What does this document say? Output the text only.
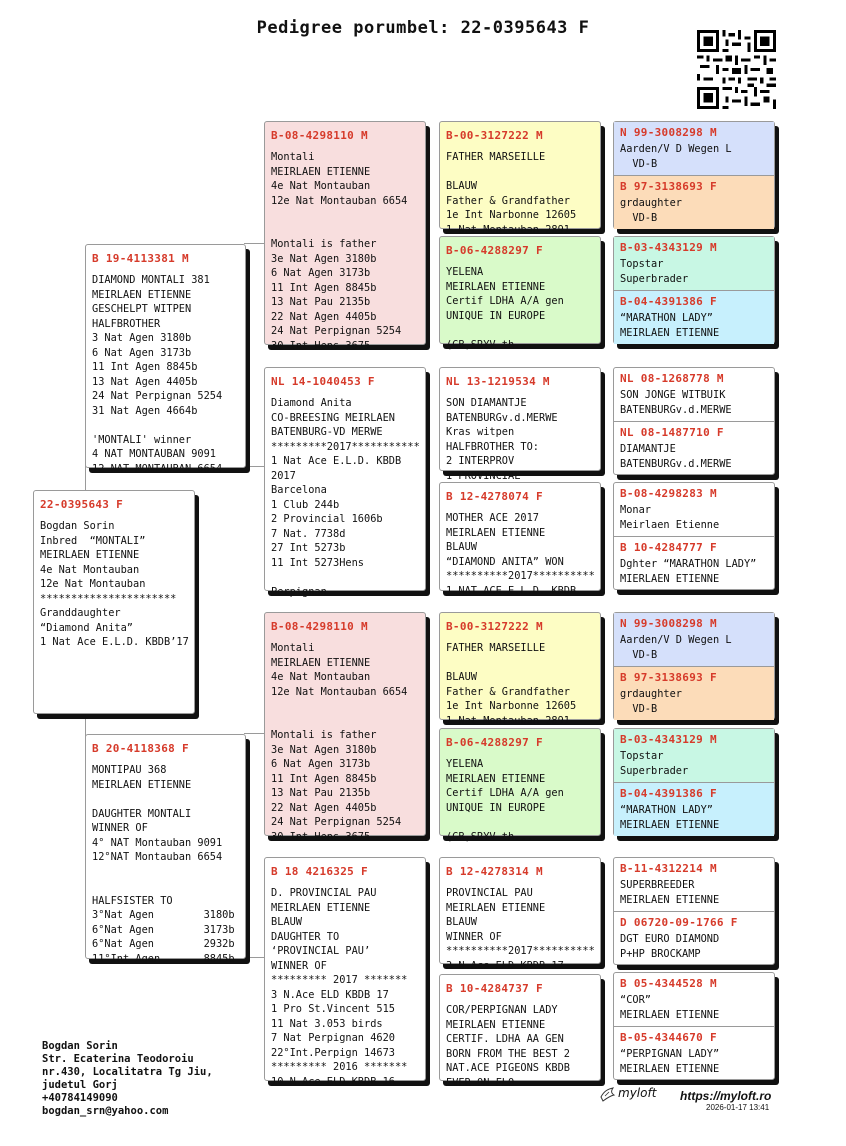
Pedigree porumbel: 22-0395643 F
22-0395643 F
Bogdan Sorin
Inbred  “MONTALI”
MEIRLAEN ETIENNE
4e Nat Montauban
12e Nat Montauban
**********************
Granddaughter
“Diamond Anita”
1 Nat Ace E.L.D. KBDB’17
B 19-4113381 M
DIAMOND MONTALI 381
MEIRLAEN ETIENNE
GESCHELPT WITPEN
HALFBROTHER
3 Nat Agen 3180b
6 Nat Agen 3173b
11 Int Agen 8845b
13 Nat Agen 4405b
24 Nat Perpignan 5254
31 Nat Agen 4664b

'MONTALI' winner
4 NAT MONTAUBAN 9091
12 NAT MONTAUBAN 6654
B 20-4118368 F
MONTIPAU 368
MEIRLAEN ETIENNE

DAUGHTER MONTALI
WINNER OF
4° NAT Montauban 9091
12°NAT Montauban 6654

HALFSISTER TO
3°Nat Agen        3180b
6°Nat Agen        3173b
6°Nat Agen        2932b
11°Int Agen       8845b
B-08-4298110 M
Montali
MEIRLAEN ETIENNE
4e Nat Montauban
12e Nat Montauban 6654

Montali is father
3e Nat Agen 3180b
6 Nat Agen 3173b
11 Int Agen 8845b
13 Nat Pau 2135b
22 Nat Agen 4405b
24 Nat Perpignan 5254
30 Int Hens 3675
NL 14-1040453 F
Diamond Anita
CO-BREESING MEIRLAEN
BATENBURG-VD MERWE
*********2017***********
1 Nat Ace E.L.D. KBDB
2017
Barcelona
1 Club 244b
2 Provincial 1606b
7 Nat. 7738d
27 Int 5273b
11 Int 5273Hens

Perpignan
B-08-4298110 M
Montali
MEIRLAEN ETIENNE
4e Nat Montauban
12e Nat Montauban 6654

Montali is father
3e Nat Agen 3180b
6 Nat Agen 3173b
11 Int Agen 8845b
13 Nat Pau 2135b
22 Nat Agen 4405b
24 Nat Perpignan 5254
30 Int Hens 3675
B 18 4216325 F
D. PROVINCIAL PAU
MEIRLAEN ETIENNE
BLAUW
DAUGHTER TO
‘PROVINCIAL PAU’
WINNER OF
********* 2017 *******
3 N.Ace ELD KBDB 17
1 Pro St.Vincent 515
11 Nat 3.053 birds
7 Nat Perpignan 4620
22°Int.Perpign 14673
********* 2016 *******
10 N.Ace ELD KBDB 16
B-00-3127222 M
FATHER MARSEILLE

BLAUW
Father & Grandfather
1e Int Narbonne 12605
1 Nat Montauban 2891
B-06-4288297 F
YELENA
MEIRLAEN ETIENNE
Certif LDHA A/A gen
UNIQUE IN EUROPE

(GB,SRYV th...
NL 13-1219534 M
SON DIAMANTJE
BATENBURGv.d.MERWE
Kras witpen
HALFBROTHER TO:
2 INTERPROV
1 PROVINCIAL
B 12-4278074 F
MOTHER ACE 2017
MEIRLAEN ETIENNE
BLAUW
“DIAMOND ANITA” WON
**********2017**********
1 NAT ACE E.L.D. KBDB
B-00-3127222 M
FATHER MARSEILLE

BLAUW
Father & Grandfather
1e Int Narbonne 12605
1 Nat Montauban 2891
B-06-4288297 F
YELENA
MEIRLAEN ETIENNE
Certif LDHA A/A gen
UNIQUE IN EUROPE

(GB,SRYV th...
B 12-4278314 M
PROVINCIAL PAU
MEIRLAEN ETIENNE
BLAUW
WINNER OF
**********2017**********
3 N.Ace ELD KBDB 17
B 10-4284737 F
COR/PERPIGNAN LADY
MEIRLAEN ETIENNE
CERTIF. LDHA AA GEN
BORN FROM THE BEST 2
NAT.ACE PIGEONS KBDB
EVER ON FLO
N 99-3008298 M
Aarden/V D Wegen L
VD-B
B 97-3138693 F
grdaughter
VD-B
B-03-4343129 M
Topstar
Superbrader
B-04-4391386 F
“MARATHON LADY”
MEIRLAEN ETIENNE
NL 08-1268778 M
SON JONGE WITBUIK
BATENBURGv.d.MERWE
NL 08-1487710 F
DIAMANTJE
BATENBURGv.d.MERWE
B-08-4298283 M
Monar
Meirlaen Etienne
B 10-4284777 F
Dghter “MARATHON LADY”
MIERLAEN ETIENNE
N 99-3008298 M
Aarden/V D Wegen L
VD-B
B 97-3138693 F
grdaughter
VD-B
B-03-4343129 M
Topstar
Superbrader
B-04-4391386 F
“MARATHON LADY”
MEIRLAEN ETIENNE
B-11-4312214 M
SUPERBREEDER
MEIRLAEN ETIENNE
D 06720-09-1766 F
DGT EURO DIAMOND
P+HP BROCKAMP
B 05-4344528 M
“COR”
MEIRLAEN ETIENNE
B-05-4344670 F
“PERPIGNAN LADY”
MEIRLAEN ETIENNE
Bogdan Sorin
Str. Ecaterina Teodoroiu
nr.430, Localitatra Tg Jiu,
judetul Gorj
+40784149090
bogdan_srn@yahoo.com
myloft https://myloft.ro
2026-01-17 13:41
